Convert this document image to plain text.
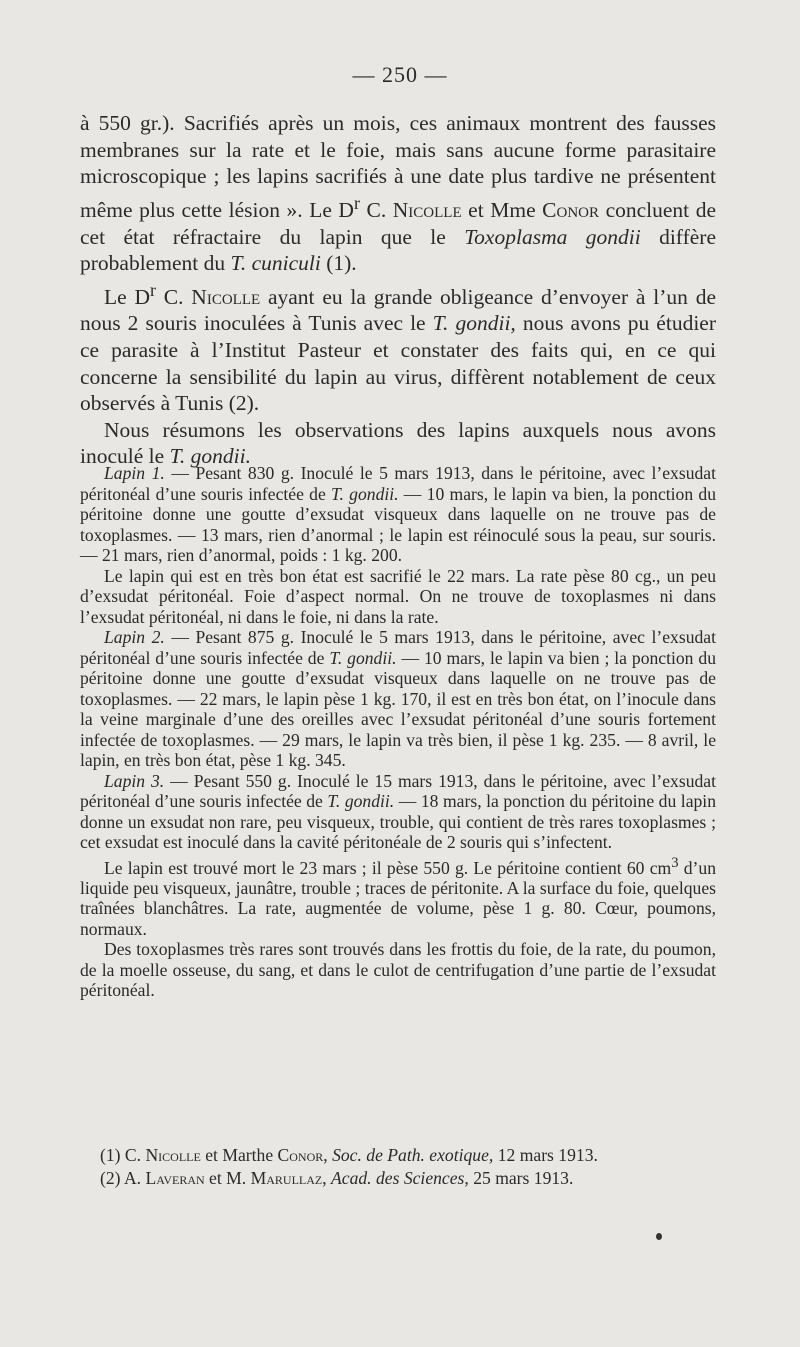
— 250 —

à 550 gr.). Sacrifiés après un mois, ces animaux montrent des fausses membranes sur la rate et le foie, mais sans aucune forme parasitaire microscopique ; les lapins sacrifiés à une date plus tardive ne présentent même plus cette lésion ». Le $D^r$ C. Nicolle et Mme Conor concluent de cet état réfractaire du lapin que le Toxoplasma gondii diffère probablement du T. cuniculi (1).

Le $D^r$ C. Nicolle ayant eu la grande obligeance d’envoyer à l’un de nous 2 souris inoculées à Tunis avec le T. gondii, nous avons pu étudier ce parasite à l’Institut Pasteur et constater des faits qui, en ce qui concerne la sensibilité du lapin au virus, diffèrent notablement de ceux observés à Tunis (2).

Nous résumons les observations des lapins auxquels nous avons inoculé le T. gondii.

Lapin 1. — Pesant 830 g. Inoculé le 5 mars 1913, dans le péritoine, avec l’exsudat péritonéal d’une souris infectée de T. gondii. — 10 mars, le lapin va bien, la ponction du péritoine donne une goutte d’exsudat visqueux dans laquelle on ne trouve pas de toxoplasmes. — 13 mars, rien d’anormal ; le lapin est réinoculé sous la peau, sur souris. — 21 mars, rien d’anormal, poids : 1 kg. 200.

Le lapin qui est en très bon état est sacrifié le 22 mars. La rate pèse 80 cg., un peu d’exsudat péritonéal. Foie d’aspect normal. On ne trouve de toxoplasmes ni dans l’exsudat péritonéal, ni dans le foie, ni dans la rate.

Lapin 2. — Pesant 875 g. Inoculé le 5 mars 1913, dans le péritoine, avec l’exsudat péritonéal d’une souris infectée de T. gondii. — 10 mars, le lapin va bien ; la ponction du péritoine donne une goutte d’exsudat visqueux dans laquelle on ne trouve pas de toxoplasmes. — 22 mars, le lapin pèse 1 kg. 170, il est en très bon état, on l’inocule dans la veine marginale d’une des oreilles avec l’exsudat péritonéal d’une souris fortement infectée de toxoplasmes. — 29 mars, le lapin va très bien, il pèse 1 kg. 235. — 8 avril, le lapin, en très bon état, pèse 1 kg. 345.

Lapin 3. — Pesant 550 g. Inoculé le 15 mars 1913, dans le péritoine, avec l’exsudat péritonéal d’une souris infectée de T. gondii. — 18 mars, la ponction du péritoine du lapin donne un exsudat non rare, peu visqueux, trouble, qui contient de très rares toxoplasmes ; cet exsudat est inoculé dans la cavité péritonéale de 2 souris qui s’infectent.

Le lapin est trouvé mort le 23 mars ; il pèse 550 g. Le péritoine contient 60 $cm^3$ d’un liquide peu visqueux, jaunâtre, trouble ; traces de péritonite. A la surface du foie, quelques traînées blanchâtres. La rate, augmentée de volume, pèse 1 g. 80. Cœur, poumons, normaux.

Des toxoplasmes très rares sont trouvés dans les frottis du foie, de la rate, du poumon, de la moelle osseuse, du sang, et dans le culot de centrifugation d’une partie de l’exsudat péritonéal.

(1) C. Nicolle et Marthe Conor, Soc. de Path. exotique, 12 mars 1913.

(2) A. Laveran et M. Marullaz, Acad. des Sciences, 25 mars 1913.
